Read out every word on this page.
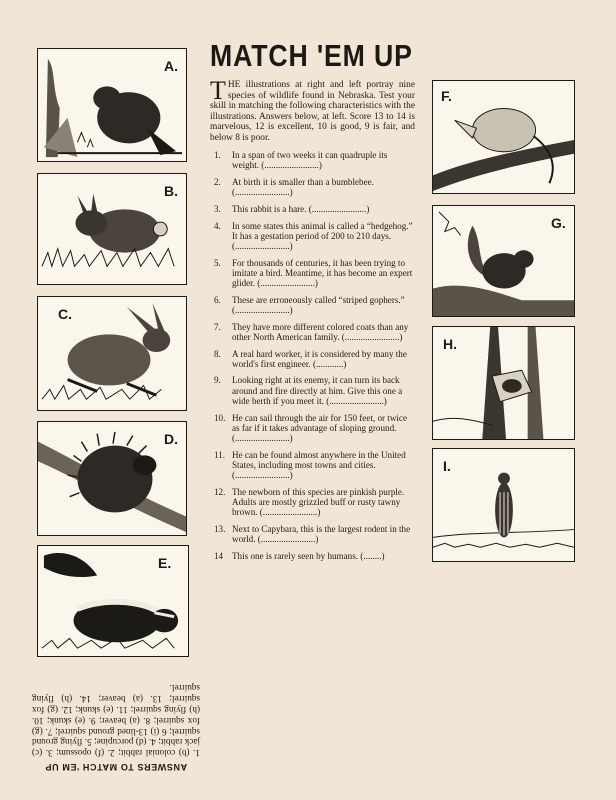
A.
B.
C.
D.
E.
MATCH 'EM UP

THE illustrations at right and left portray nine species of wildlife found in Nebraska. Test your skill in matching the following characteristics with the illustrations. Answers below, at left. Score 13 to 14 is marvelous, 12 is excellent, 10 is good, 9 is fair, and below 8 is poor.

1.	In a span of two weeks it can quadruple its weight. (........................)
2.	At birth it is smaller than a bumblebee. (........................)
3.	This rabbit is a hare. (........................)
4.	In some states this animal is called a “hedgehog.” It has a gestation period of 200 to 210 days. (........................)
5.	For thousands of centuries, it has been trying to imitate a bird. Meantime, it has become an expert glider. (........................)
6.	These are erroneously called “striped gophers.” (........................)
7.	They have more different colored coats than any other North American family. (........................)
8.	A real hard worker, it is considered by many the world's first engineer. (............)
9.	Looking right at its enemy, it can turn its back around and fire directly at him. Give this one a wide berth if you meet it. (........................)
10. He can sail through the air for 150 feet, or twice as far if it takes advantage of sloping ground. (........................)
11. He can be found almost anywhere in the United States, including most towns and cities. (........................)
12. The newborn of this species are pinkish purple. Adults are mostly grizzled buff or rusty tawny brown. (........................)
13. Next to Capybara, this is the largest rodent in the world. (........................)
14 This one is rarely seen by humans. (........)
F.
G.
H.
I.
ANSWERS TO MATCH 'EM UP
1. (b) colonial rabbit; 2. (f) opossum; 3. (c) jack rabbit; 4. (d) porcupine; 5. flying ground squirrel; 6 (i) 13-lined ground squirrel; 7. (g) fox squirrel; 8. (a) beaver; 9. (e) skunk; 10. (h) flying squirrel; 11. (e) skunk; 12. (g) fox squirrel; 13. (a) beaver; 14. (h) flying squirrel.
